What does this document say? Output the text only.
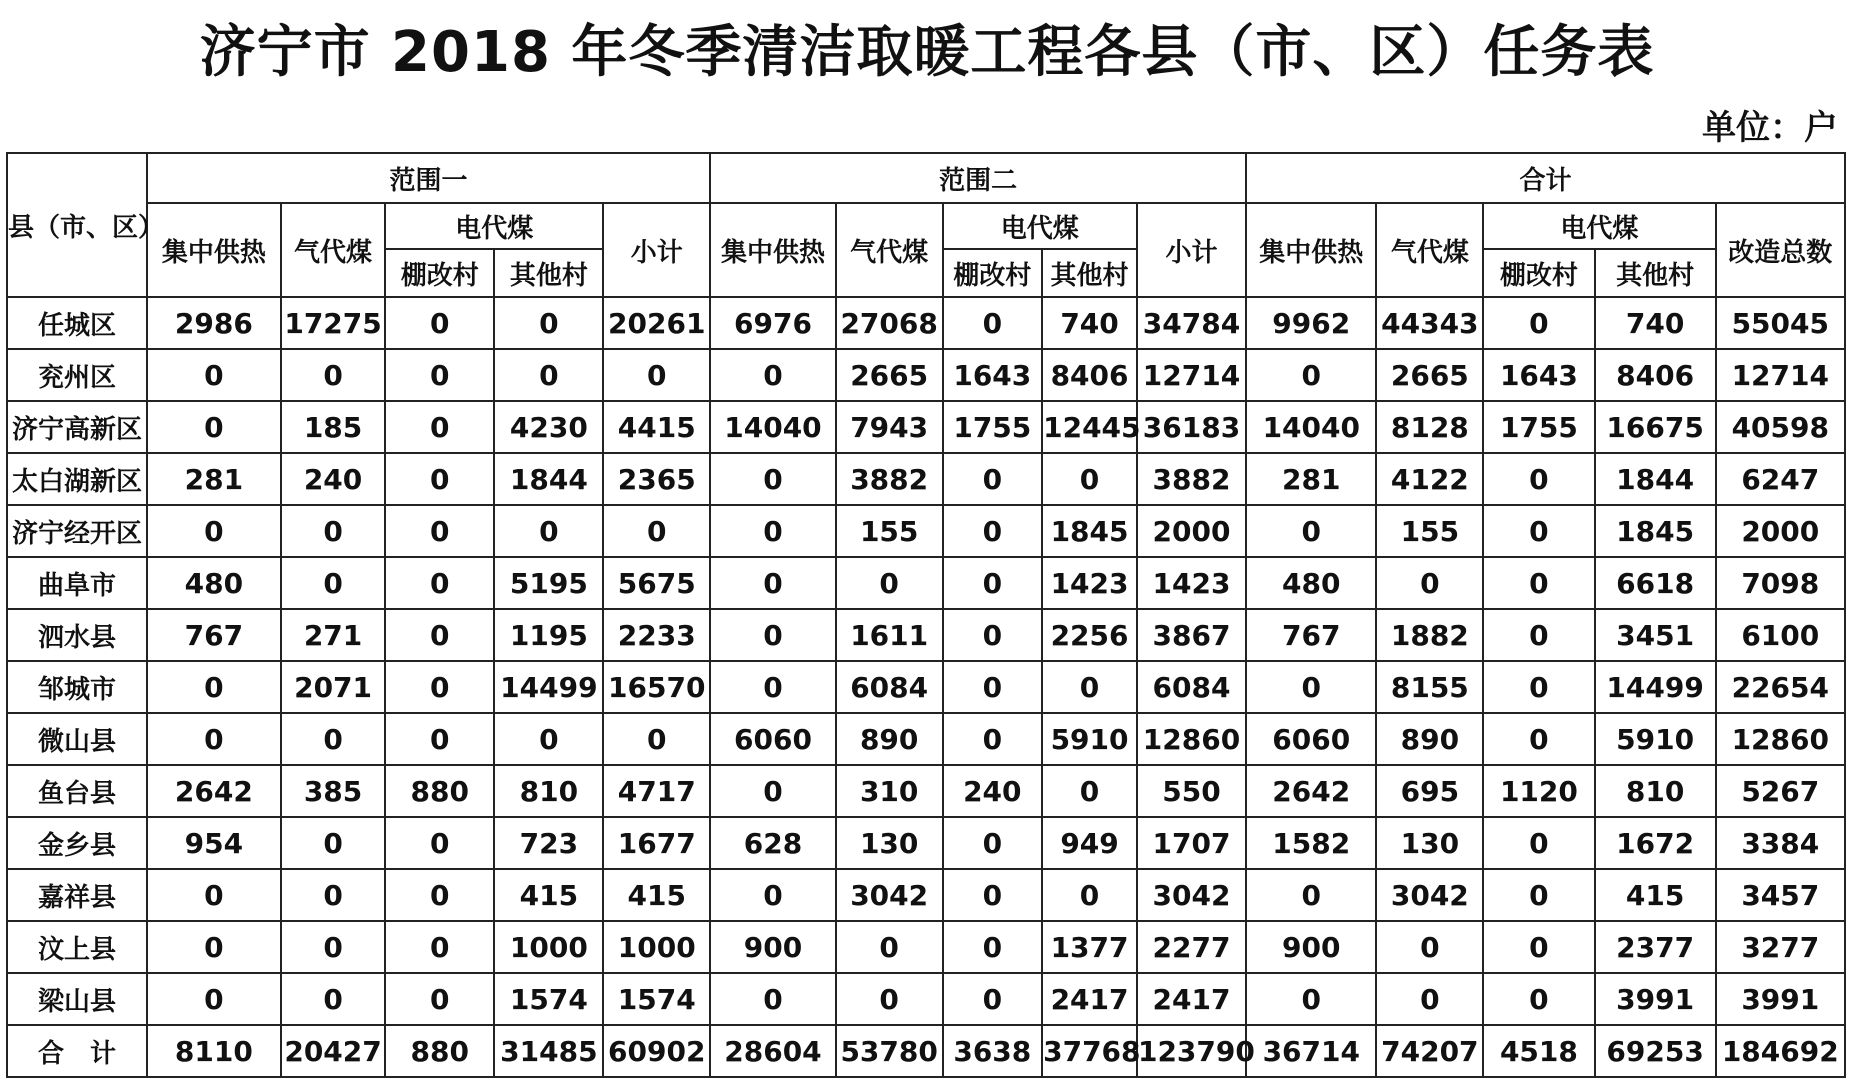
济宁市 2018 年冬季清洁取暖工程各县（市、区）任务表
单位：户
县（市、区）	范围一					范围二					合计				
	集中供热	气代煤	电代煤		小计	集中供热	气代煤	电代煤		小计	集中供热	气代煤	电代煤		改造总数
			棚改村	其他村				棚改村	其他村				棚改村	其他村	
任城区	2986	17275	0	0	20261	6976	27068	0	740	34784	9962	44343	0	740	55045
兖州区	0	0	0	0	0	0	2665	1643	8406	12714	0	2665	1643	8406	12714
济宁高新区	0	185	0	4230	4415	14040	7943	1755	12445	36183	14040	8128	1755	16675	40598
太白湖新区	281	240	0	1844	2365	0	3882	0	0	3882	281	4122	0	1844	6247
济宁经开区	0	0	0	0	0	0	155	0	1845	2000	0	155	0	1845	2000
曲阜市	480	0	0	5195	5675	0	0	0	1423	1423	480	0	0	6618	7098
泗水县	767	271	0	1195	2233	0	1611	0	2256	3867	767	1882	0	3451	6100
邹城市	0	2071	0	14499	16570	0	6084	0	0	6084	0	8155	0	14499	22654
微山县	0	0	0	0	0	6060	890	0	5910	12860	6060	890	0	5910	12860
鱼台县	2642	385	880	810	4717	0	310	240	0	550	2642	695	1120	810	5267
金乡县	954	0	0	723	1677	628	130	0	949	1707	1582	130	0	1672	3384
嘉祥县	0	0	0	415	415	0	3042	0	0	3042	0	3042	0	415	3457
汶上县	0	0	0	1000	1000	900	0	0	1377	2277	900	0	0	2377	3277
梁山县	0	0	0	1574	1574	0	0	0	2417	2417	0	0	0	3991	3991
合　计	8110	20427	880	31485	60902	28604	53780	3638	37768	123790	36714	74207	4518	69253	184692
